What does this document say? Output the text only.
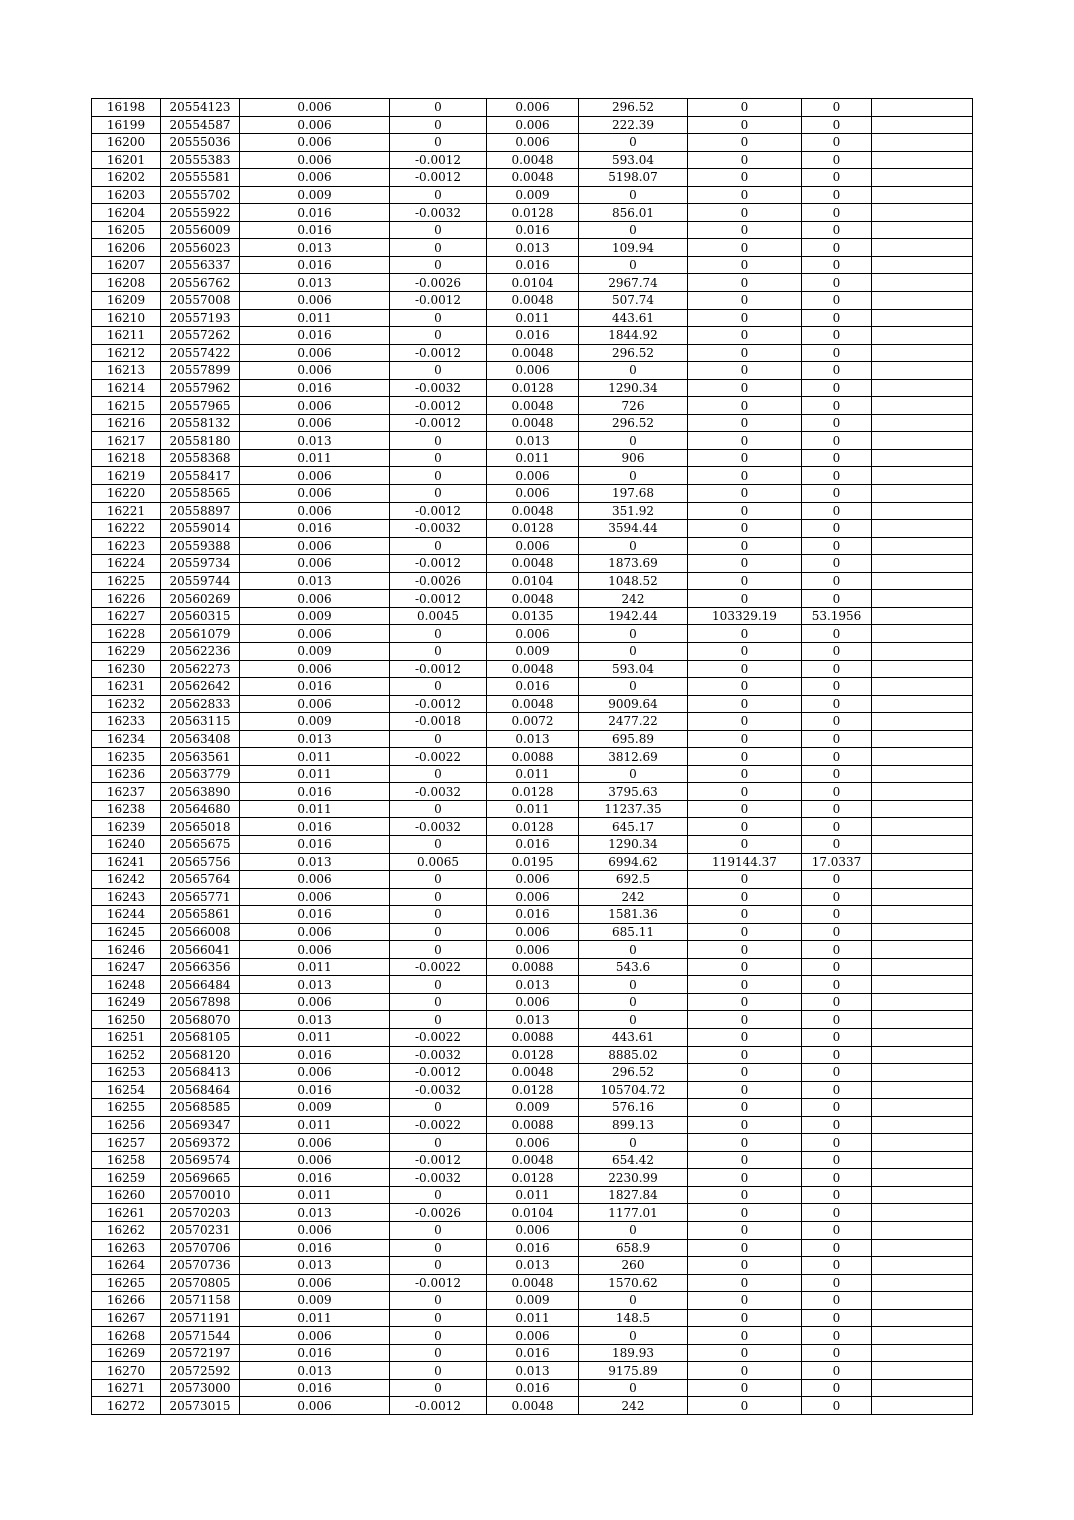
16198	20554123	0.006	0	0.006	296.52	0	0	
16199	20554587	0.006	0	0.006	222.39	0	0	
16200	20555036	0.006	0	0.006	0	0	0	
16201	20555383	0.006	-0.0012	0.0048	593.04	0	0	
16202	20555581	0.006	-0.0012	0.0048	5198.07	0	0	
16203	20555702	0.009	0	0.009	0	0	0	
16204	20555922	0.016	-0.0032	0.0128	856.01	0	0	
16205	20556009	0.016	0	0.016	0	0	0	
16206	20556023	0.013	0	0.013	109.94	0	0	
16207	20556337	0.016	0	0.016	0	0	0	
16208	20556762	0.013	-0.0026	0.0104	2967.74	0	0	
16209	20557008	0.006	-0.0012	0.0048	507.74	0	0	
16210	20557193	0.011	0	0.011	443.61	0	0	
16211	20557262	0.016	0	0.016	1844.92	0	0	
16212	20557422	0.006	-0.0012	0.0048	296.52	0	0	
16213	20557899	0.006	0	0.006	0	0	0	
16214	20557962	0.016	-0.0032	0.0128	1290.34	0	0	
16215	20557965	0.006	-0.0012	0.0048	726	0	0	
16216	20558132	0.006	-0.0012	0.0048	296.52	0	0	
16217	20558180	0.013	0	0.013	0	0	0	
16218	20558368	0.011	0	0.011	906	0	0	
16219	20558417	0.006	0	0.006	0	0	0	
16220	20558565	0.006	0	0.006	197.68	0	0	
16221	20558897	0.006	-0.0012	0.0048	351.92	0	0	
16222	20559014	0.016	-0.0032	0.0128	3594.44	0	0	
16223	20559388	0.006	0	0.006	0	0	0	
16224	20559734	0.006	-0.0012	0.0048	1873.69	0	0	
16225	20559744	0.013	-0.0026	0.0104	1048.52	0	0	
16226	20560269	0.006	-0.0012	0.0048	242	0	0	
16227	20560315	0.009	0.0045	0.0135	1942.44	103329.19	53.1956	
16228	20561079	0.006	0	0.006	0	0	0	
16229	20562236	0.009	0	0.009	0	0	0	
16230	20562273	0.006	-0.0012	0.0048	593.04	0	0	
16231	20562642	0.016	0	0.016	0	0	0	
16232	20562833	0.006	-0.0012	0.0048	9009.64	0	0	
16233	20563115	0.009	-0.0018	0.0072	2477.22	0	0	
16234	20563408	0.013	0	0.013	695.89	0	0	
16235	20563561	0.011	-0.0022	0.0088	3812.69	0	0	
16236	20563779	0.011	0	0.011	0	0	0	
16237	20563890	0.016	-0.0032	0.0128	3795.63	0	0	
16238	20564680	0.011	0	0.011	11237.35	0	0	
16239	20565018	0.016	-0.0032	0.0128	645.17	0	0	
16240	20565675	0.016	0	0.016	1290.34	0	0	
16241	20565756	0.013	0.0065	0.0195	6994.62	119144.37	17.0337	
16242	20565764	0.006	0	0.006	692.5	0	0	
16243	20565771	0.006	0	0.006	242	0	0	
16244	20565861	0.016	0	0.016	1581.36	0	0	
16245	20566008	0.006	0	0.006	685.11	0	0	
16246	20566041	0.006	0	0.006	0	0	0	
16247	20566356	0.011	-0.0022	0.0088	543.6	0	0	
16248	20566484	0.013	0	0.013	0	0	0	
16249	20567898	0.006	0	0.006	0	0	0	
16250	20568070	0.013	0	0.013	0	0	0	
16251	20568105	0.011	-0.0022	0.0088	443.61	0	0	
16252	20568120	0.016	-0.0032	0.0128	8885.02	0	0	
16253	20568413	0.006	-0.0012	0.0048	296.52	0	0	
16254	20568464	0.016	-0.0032	0.0128	105704.72	0	0	
16255	20568585	0.009	0	0.009	576.16	0	0	
16256	20569347	0.011	-0.0022	0.0088	899.13	0	0	
16257	20569372	0.006	0	0.006	0	0	0	
16258	20569574	0.006	-0.0012	0.0048	654.42	0	0	
16259	20569665	0.016	-0.0032	0.0128	2230.99	0	0	
16260	20570010	0.011	0	0.011	1827.84	0	0	
16261	20570203	0.013	-0.0026	0.0104	1177.01	0	0	
16262	20570231	0.006	0	0.006	0	0	0	
16263	20570706	0.016	0	0.016	658.9	0	0	
16264	20570736	0.013	0	0.013	260	0	0	
16265	20570805	0.006	-0.0012	0.0048	1570.62	0	0	
16266	20571158	0.009	0	0.009	0	0	0	
16267	20571191	0.011	0	0.011	148.5	0	0	
16268	20571544	0.006	0	0.006	0	0	0	
16269	20572197	0.016	0	0.016	189.93	0	0	
16270	20572592	0.013	0	0.013	9175.89	0	0	
16271	20573000	0.016	0	0.016	0	0	0	
16272	20573015	0.006	-0.0012	0.0048	242	0	0	
